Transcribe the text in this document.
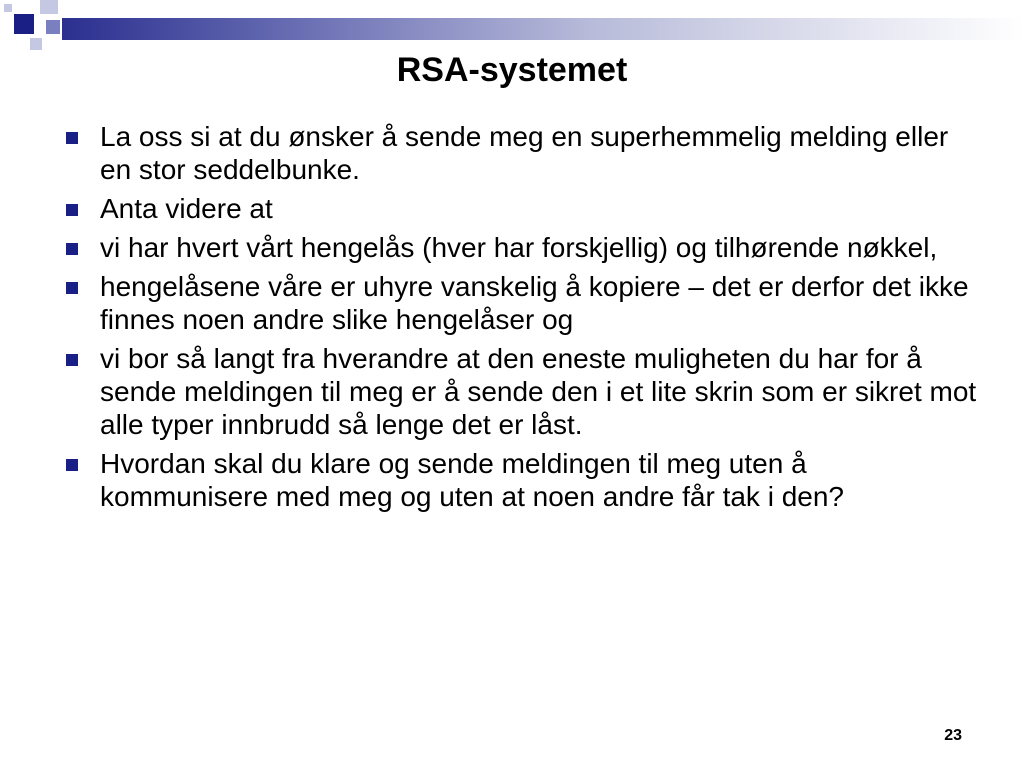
RSA-systemet
La oss si at du ønsker å sende meg en superhemmelig melding eller en stor seddelbunke.
Anta videre at
vi har hvert vårt hengelås (hver har forskjellig) og tilhørende nøkkel,
hengelåsene våre er uhyre vanskelig å kopiere – det er derfor det ikke finnes noen andre slike hengelåser og
vi bor så langt fra hverandre at den eneste muligheten du har for å sende meldingen til meg er å sende den i et lite skrin som er sikret mot alle typer innbrudd så lenge det er låst.
Hvordan skal du klare og sende meldingen til meg uten å kommunisere med meg og uten at noen andre får tak i den?
23
